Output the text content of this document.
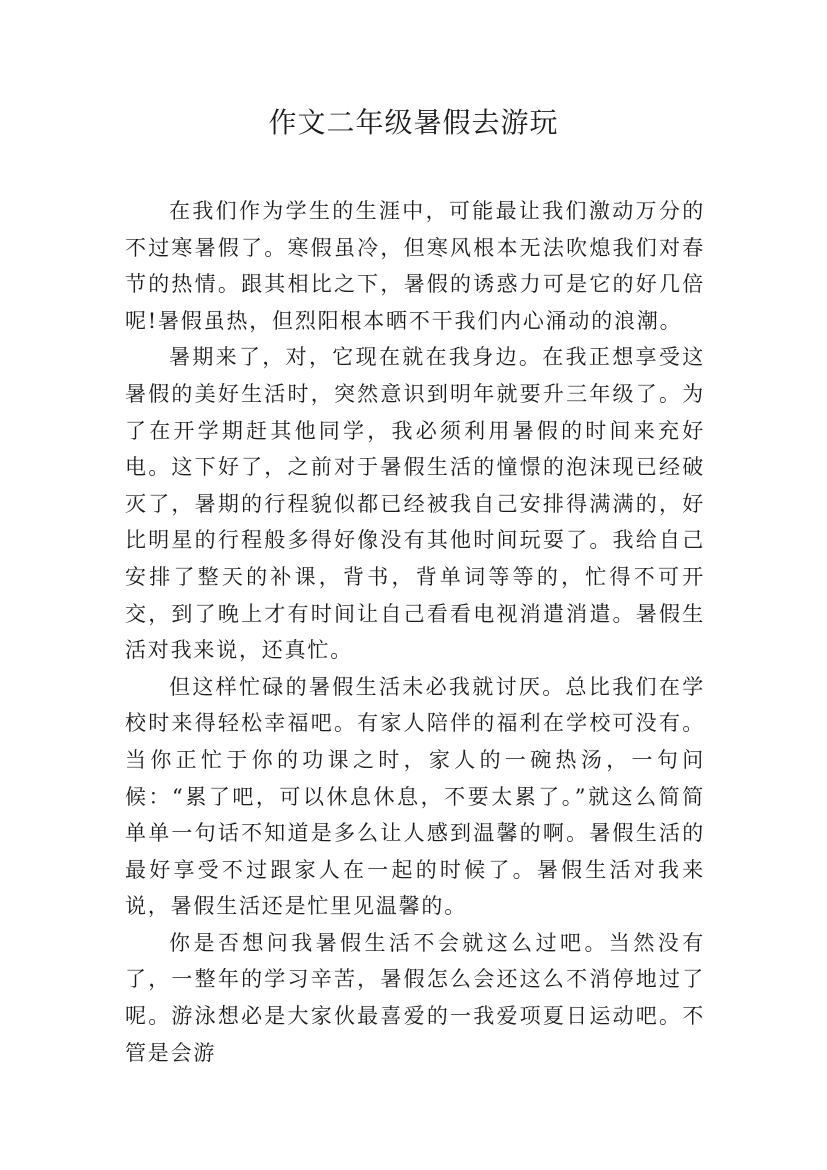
作文二年级暑假去游玩

在我们作为学生的生涯中，可能最让我们激动万分的不过寒暑假了。寒假虽冷，但寒风根本无法吹熄我们对春节的热情。跟其相比之下，暑假的诱惑力可是它的好几倍呢!暑假虽热，但烈阳根本晒不干我们内心涌动的浪潮。

暑期来了，对，它现在就在我身边。在我正想享受这暑假的美好生活时，突然意识到明年就要升三年级了。为了在开学期赶其他同学，我必须利用暑假的时间来充好电。这下好了，之前对于暑假生活的憧憬的泡沫现已经破灭了，暑期的行程貌似都已经被我自己安排得满满的，好比明星的行程般多得好像没有其他时间玩耍了。我给自己安排了整天的补课，背书，背单词等等的，忙得不可开交，到了晚上才有时间让自己看看电视消遣消遣。暑假生活对我来说，还真忙。

但这样忙碌的暑假生活未必我就讨厌。总比我们在学校时来得轻松幸福吧。有家人陪伴的福利在学校可没有。当你正忙于你的功课之时，家人的一碗热汤，一句问候：“累了吧，可以休息休息，不要太累了。”就这么简简单单一句话不知道是多么让人感到温馨的啊。暑假生活的最好享受不过跟家人在一起的时候了。暑假生活对我来说，暑假生活还是忙里见温馨的。

你是否想问我暑假生活不会就这么过吧。当然没有了，一整年的学习辛苦，暑假怎么会还这么不消停地过了呢。游泳想必是大家伙最喜爱的一我爱项夏日运动吧。不管是会游
